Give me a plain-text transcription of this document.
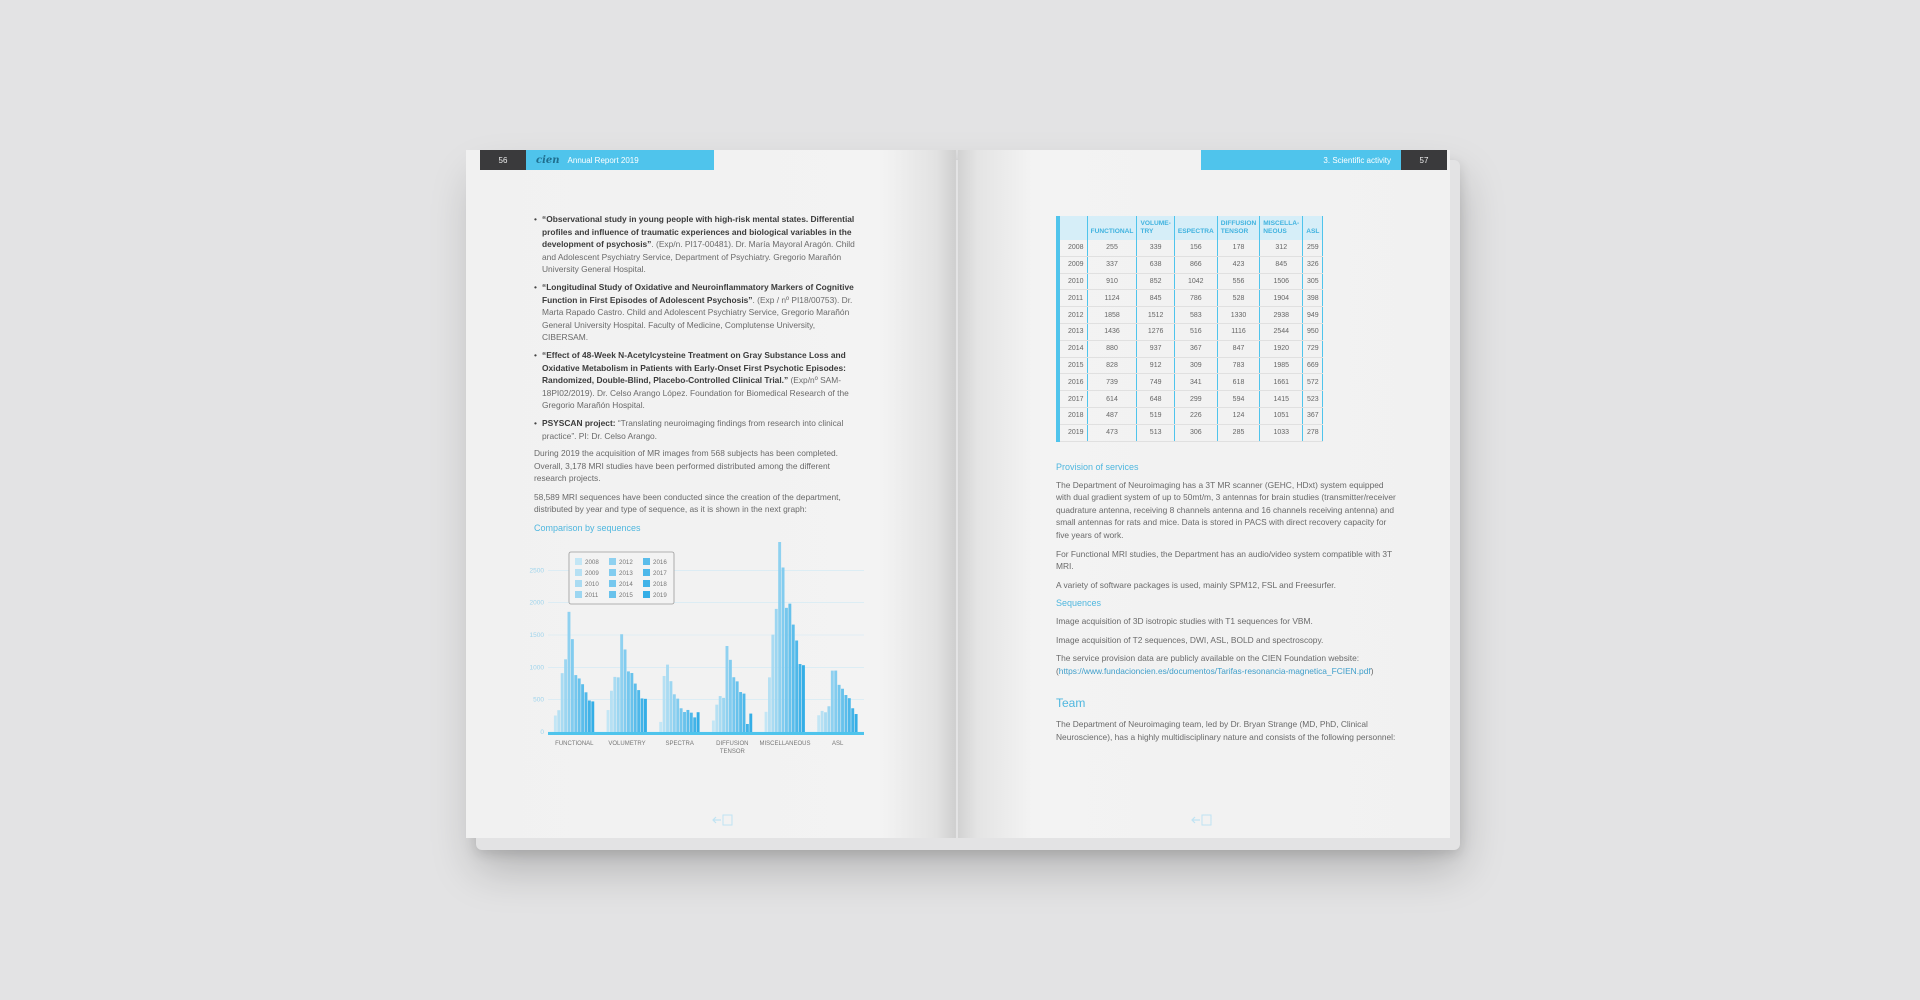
56	cien Annual Report 2019
• “Observational study in young people with high-risk mental states. Differential profiles and influence of traumatic experiences and biological variables in the development of psychosis”. (Exp/n. PI17-00481). Dr. María Mayoral Aragón. Child and Adolescent Psychiatry Service, Department of Psychiatry. Gregorio Marañón University General Hospital.
• “Longitudinal Study of Oxidative and Neuroinflammatory Markers of Cognitive Function in First Episodes of Adolescent Psychosis”. (Exp / nº PI18/00753). Dr. Marta Rapado Castro. Child and Adolescent Psychiatry Service, Gregorio Marañón General University Hospital. Faculty of Medicine, Complutense University, CIBERSAM.
• “Effect of 48-Week N-Acetylcysteine Treatment on Gray Substance Loss and Oxidative Metabolism in Patients with Early-Onset First Psychotic Episodes: Randomized, Double-Blind, Placebo-Controlled Clinical Trial.” (Exp/nº SAM-18PI02/2019). Dr. Celso Arango López. Foundation for Biomedical Research of the Gregorio Marañón Hospital.
• PSYSCAN project: “Translating neuroimaging findings from research into clinical practice”. PI: Dr. Celso Arango.

During 2019 the acquisition of MR images from 568 subjects has been completed. Overall, 3,178 MRI studies have been performed distributed among the different research projects.

58,589 MRI sequences have been conducted since the creation of the department, distributed by year and type of sequence, as it is shown in the next graph:

Comparison by sequences
0
500
1000
1500
2000
2500
FUNCTIONAL VOLUMETRY	SPECTRA	DIFFUSION
TENSOR
MISCELLANEOUS	ASL
2008
2009
2010
2011
2012
2013
2014
2015
2016
2017
2018
2019
3. Scientific activity	57
	FUNCTIONAL	VOLUME-
TRY	ESPECTRA	DIFFUSION
TENSOR	MISCELLA-
NEOUS	ASL
2008	255	339	156	178	312	259
2009	337	638	866	423	845	326
2010	910	852	1042	556	1506	305
2011	1124	845	786	528	1904	398
2012	1858	1512	583	1330	2938	949
2013	1436	1276	516	1116	2544	950
2014	880	937	367	847	1920	729
2015	828	912	309	783	1985	669
2016	739	749	341	618	1661	572
2017	614	648	299	594	1415	523
2018	487	519	226	124	1051	367
2019	473	513	306	285	1033	278
Provision of services

The Department of Neuroimaging has a 3T MR scanner (GEHC, HDxt) system equipped with dual gradient system of up to 50mt/m, 3 antennas for brain studies (transmitter/receiver quadrature antenna, receiving 8 channels antenna and 16 channels receiving antenna) and small antennas for rats and mice. Data is stored in PACS with direct recovery capacity for five years of work.

For Functional MRI studies, the Department has an audio/video system compatible with 3T MRI.

A variety of software packages is used, mainly SPM12, FSL and Freesurfer.

Sequences

Image acquisition of 3D isotropic studies with T1 sequences for VBM.

Image acquisition of T2 sequences, DWI, ASL, BOLD and spectroscopy.

The service provision data are publicly available on the CIEN Foundation website:
(https://www.fundacioncien.es/documentos/Tarifas-resonancia-magnetica_FCIEN.pdf)

Team

The Department of Neuroimaging team, led by Dr. Bryan Strange (MD, PhD, Clinical Neuroscience), has a highly multidisciplinary nature and consists of the following personnel:
